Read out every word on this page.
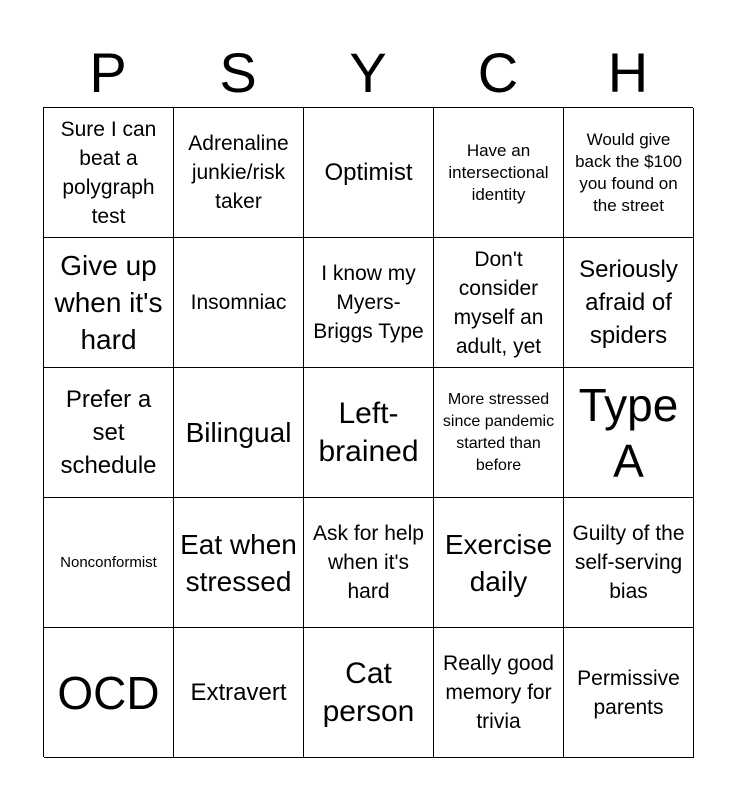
P	S	Y	C	H
Sure I can beat a polygraph test
Adrenaline junkie/risk taker
Optimist
Have an intersectional identity
Would give back the $100 you found on the street
Give up when it's hard
Insomniac
I know my Myers-Briggs Type
Don't consider myself an adult, yet
Seriously afraid of spiders
Prefer a set schedule
Bilingual
Left-brained
More stressed since pandemic started than before
Type A
Nonconformist
Eat when stressed
Ask for help when it's hard
Exercise daily
Guilty of the self-serving bias
OCD	Extravert
Cat person
Really good memory for trivia
Permissive parents
